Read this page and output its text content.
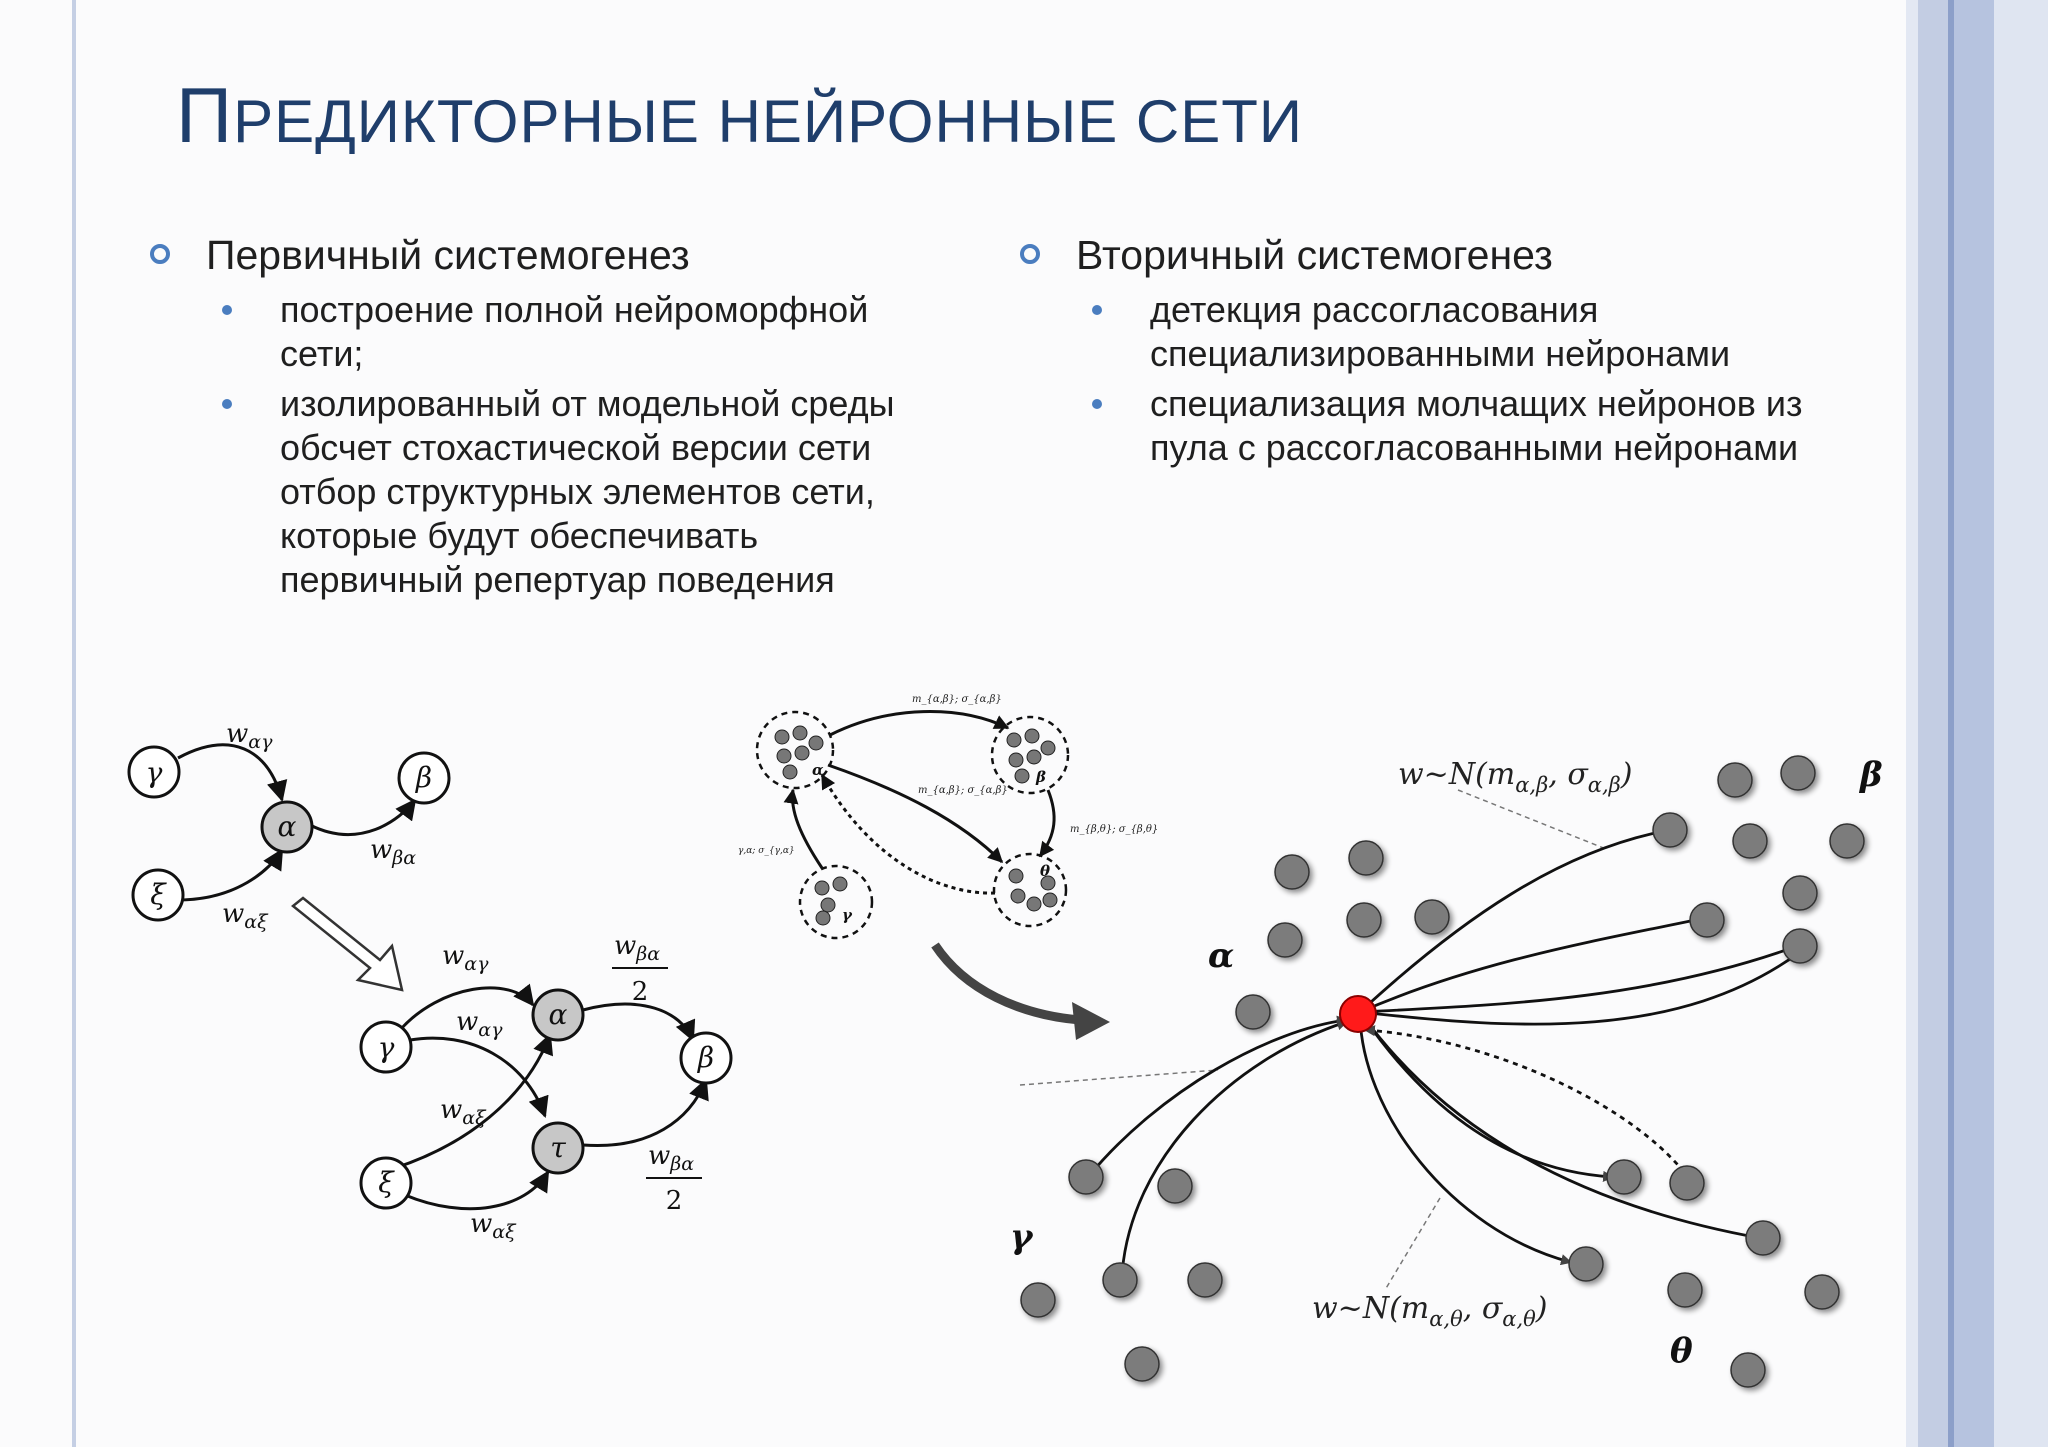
ПРЕДИКТОРНЫЕ НЕЙРОННЫЕ СЕТИ
Первичный системогенез
построение полной нейроморфной
сети;
изолированный от модельной среды
обсчет стохастической версии сети
отбор структурных элементов сети,
которые будут обеспечивать
первичный репертуар поведения
Вторичный системогенез
детекция рассогласования
специализированными нейронами
специализация молчащих нейронов из
пула с рассогласованными нейронами
γ
α
β
ξ
$w_{\alpha\gamma}$
$w_{\beta\alpha}$
$w_{\alpha\xi}$
γ
α
β
τ
ξ
$w_{\alpha\gamma}$
$w_{\alpha\gamma}$
$w_{\alpha\xi}$
$w_{\alpha\xi}$
$w_{\beta\alpha}$
2
$w_{\beta\alpha}$
2
α	β
γ
θ
m_{α,β}; σ_{α,β}
m_{α,β}; σ_{α,β}
m_{β,θ}; σ_{β,θ}
γ,α; σ_{γ,α}
β
α
γ
θ
$w\sim N(m_{\alpha,\beta}$, $\sigma_{\alpha,\beta}$)
$w\sim N(m_{\alpha,\theta}$, $\sigma_{\alpha,\theta}$)
